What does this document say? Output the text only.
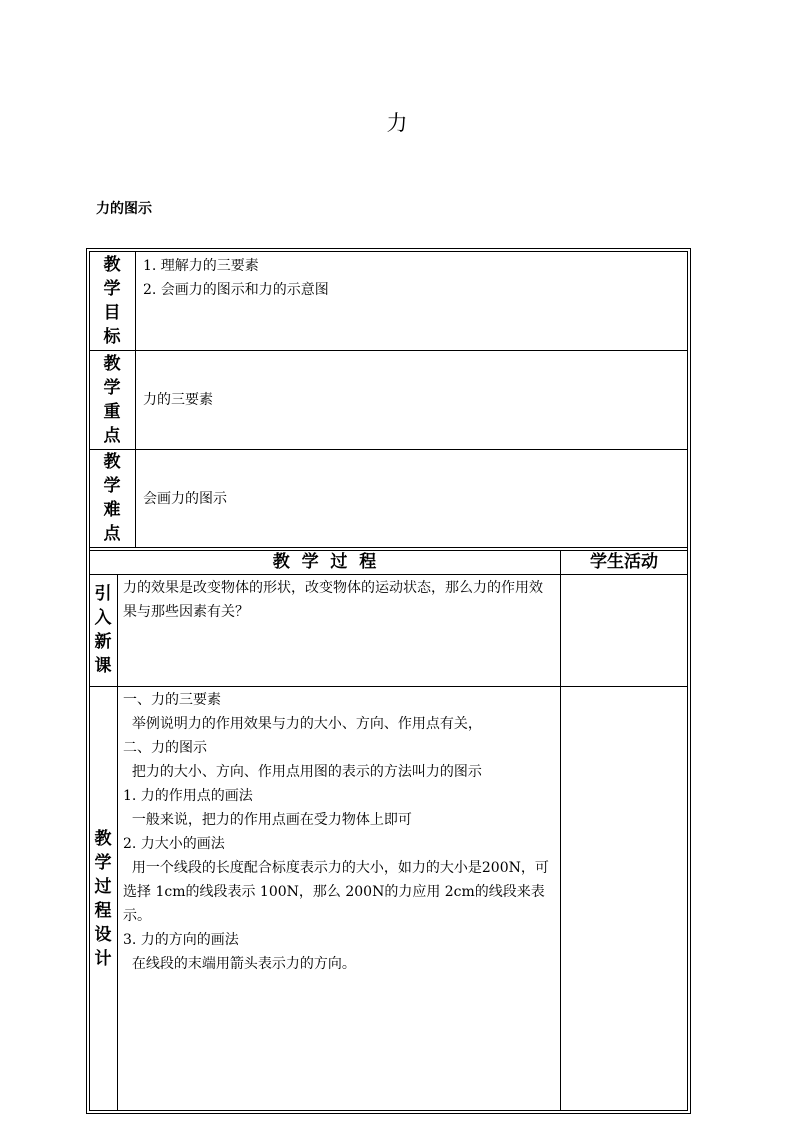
力
力的图示
教
学
目
标

1. 理解力的三要素

2. 会画力的图示和力的示意图

教
学
重
点
力的三要素
教
学
难
点
会画力的图示
教  学  过  程	学生活动
引
入
新
课

力的效果是改变物体的形状，改变物体的运动状态，那么力的作用效果与那些因素有关？

教
学
过
程
设
计

一、力的三要素

举例说明力的作用效果与力的大小、方向、作用点有关，

二、力的图示

把力的大小、方向、作用点用图的表示的方法叫力的图示

1. 力的作用点的画法

一般来说，把力的作用点画在受力物体上即可

2. 力大小的画法

用一个线段的长度配合标度表示力的大小，如力的大小是200N，可选择 1cm的线段表示 100N，那么 200N的力应用 2cm的线段来表示。

3. 力的方向的画法

在线段的末端用箭头表示力的方向。
